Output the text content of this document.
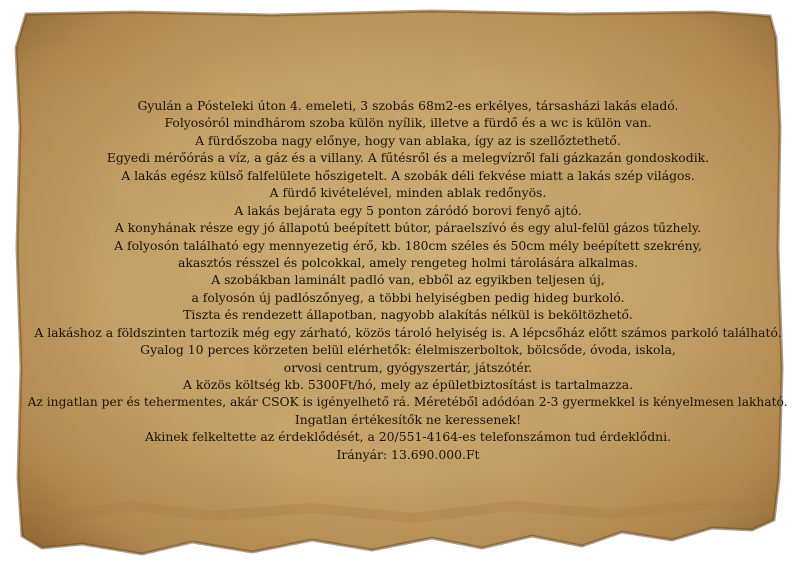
Gyulán a Pósteleki úton 4. emeleti, 3 szobás 68m2-es erkélyes, társasházi lakás eladó.
Folyosóról mindhárom szoba külön nyílik, illetve a fürdő és a wc is külön van.
A fürdőszoba nagy előnye, hogy van ablaka, így az is szellőztethető.
Egyedi mérőórás a víz, a gáz és a villany. A fűtésről és a melegvízről fali gázkazán gondoskodik.
A lakás egész külső falfelülete hőszigetelt. A szobák déli fekvése miatt a lakás szép világos.
A fürdő kivételével, minden ablak redőnyös.
A lakás bejárata egy 5 ponton záródó borovi fenyő ajtó.
A konyhának része egy jó állapotú beépített bútor, páraelszívó és egy alul-felül gázos tűzhely.
A folyosón található egy mennyezetig érő, kb. 180cm széles és 50cm mély beépített szekrény,
akasztós résszel és polcokkal, amely rengeteg holmi tárolására alkalmas.
A szobákban laminált padló van, ebből az egyikben teljesen új,
a folyosón új padlószőnyeg, a többi helyiségben pedig hideg burkoló.
Tiszta és rendezett állapotban, nagyobb alakítás nélkül is beköltözhető.
A lakáshoz a földszinten tartozik még egy zárható, közös tároló helyiség is. A lépcsőház előtt számos parkoló található.
Gyalog 10 perces körzeten belül elérhetők: élelmiszerboltok, bölcsőde, óvoda, iskola,
orvosi centrum, gyógyszertár, játszótér.
A közös költség kb. 5300Ft/hó, mely az épületbiztosítást is tartalmazza.
Az ingatlan per és tehermentes, akár CSOK is igényelhető rá. Méretéből adódóan 2-3 gyermekkel is kényelmesen lakható.
Ingatlan értékesítők ne keressenek!
Akinek felkeltette az érdeklődését, a 20/551-4164-es telefonszámon tud érdeklődni.
Irányár: 13.690.000.Ft
